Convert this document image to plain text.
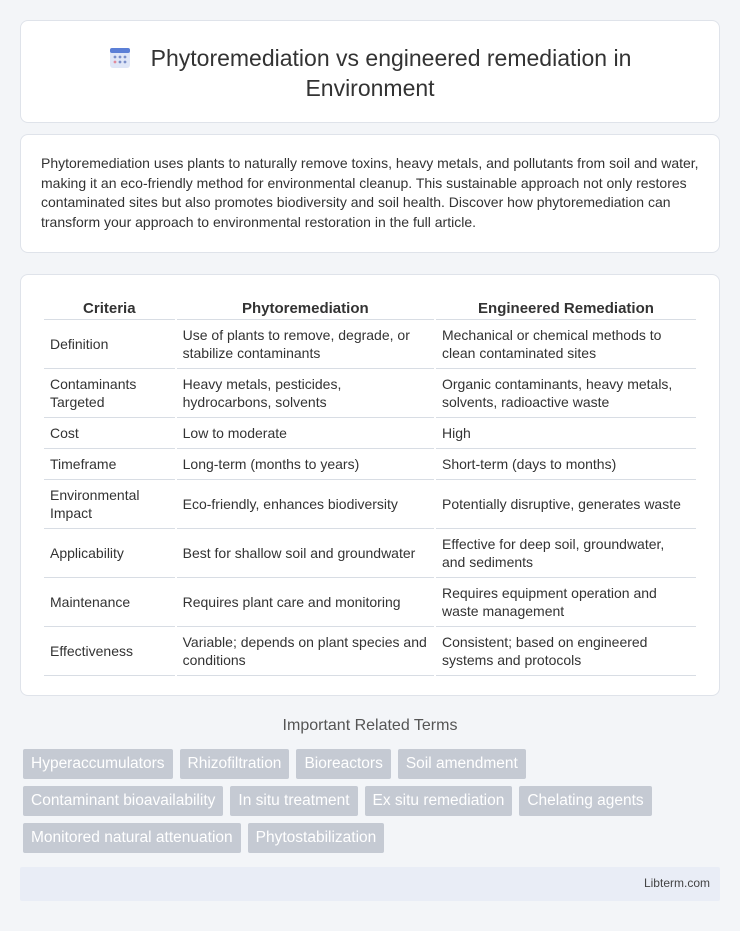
Phytoremediation vs engineered remediation in Environment

Phytoremediation uses plants to naturally remove toxins, heavy metals, and pollutants from soil and water, making it an eco-friendly method for environmental cleanup. This sustainable approach not only restores contaminated sites but also promotes biodiversity and soil health. Discover how phytoremediation can transform your approach to environmental restoration in the full article.

Criteria	Phytoremediation	Engineered Remediation
Definition	Use of plants to remove, degrade, or stabilize contaminants	Mechanical or chemical methods to clean contaminated sites
Contaminants Targeted	Heavy metals, pesticides, hydrocarbons, solvents	Organic contaminants, heavy metals, solvents, radioactive waste
Cost	Low to moderate	High
Timeframe	Long-term (months to years)	Short-term (days to months)
Environmental Impact	Eco-friendly, enhances biodiversity	Potentially disruptive, generates waste
Applicability	Best for shallow soil and groundwater	Effective for deep soil, groundwater, and sediments
Maintenance	Requires plant care and monitoring	Requires equipment operation and waste management
Effectiveness	Variable; depends on plant species and conditions	Consistent; based on engineered systems and protocols
Important Related Terms
Hyperaccumulators	Rhizofiltration	Bioreactors	Soil amendment
Contaminant bioavailability	In situ treatment	Ex situ remediation	Chelating agents
Monitored natural attenuation	Phytostabilization
Libterm.com
